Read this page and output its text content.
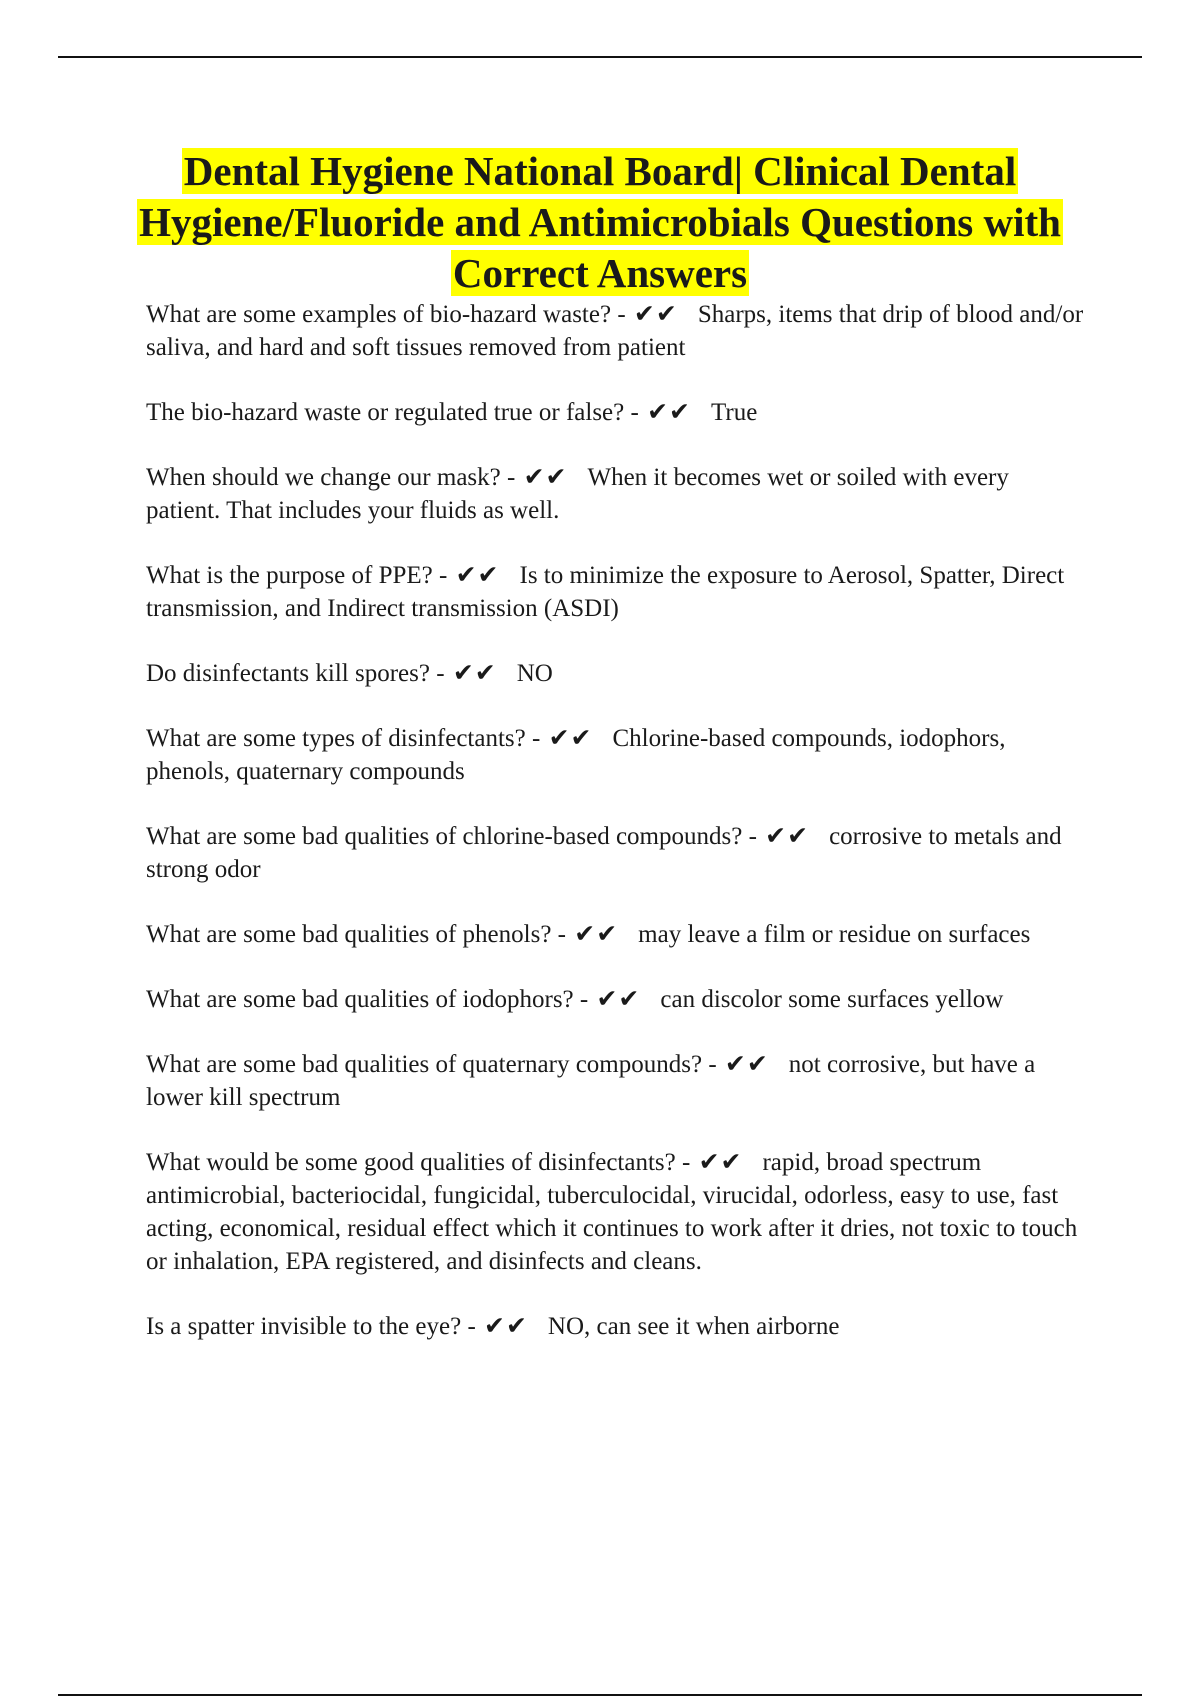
Dental Hygiene National Board| Clinical Dental Hygiene/Fluoride and Antimicrobials Questions with Correct Answers
What are some examples of bio-hazard waste? - ✔✔ Sharps, items that drip of blood and/or saliva, and hard and soft tissues removed from patient
The bio-hazard waste or regulated true or false? - ✔✔ True
When should we change our mask? - ✔✔ When it becomes wet or soiled with every patient. That includes your fluids as well.
What is the purpose of PPE? - ✔✔ Is to minimize the exposure to Aerosol, Spatter, Direct transmission, and Indirect transmission (ASDI)
Do disinfectants kill spores? - ✔✔ NO
What are some types of disinfectants? - ✔✔ Chlorine-based compounds, iodophors, phenols, quaternary compounds
What are some bad qualities of chlorine-based compounds? - ✔✔ corrosive to metals and strong odor
What are some bad qualities of phenols? - ✔✔ may leave a film or residue on surfaces
What are some bad qualities of iodophors? - ✔✔ can discolor some surfaces yellow
What are some bad qualities of quaternary compounds? - ✔✔ not corrosive, but have a lower kill spectrum
What would be some good qualities of disinfectants? - ✔✔ rapid, broad spectrum antimicrobial, bacteriocidal, fungicidal, tuberculocidal, virucidal, odorless, easy to use, fast acting, economical, residual effect which it continues to work after it dries, not toxic to touch or inhalation, EPA registered, and disinfects and cleans.
Is a spatter invisible to the eye? - ✔✔ NO, can see it when airborne
